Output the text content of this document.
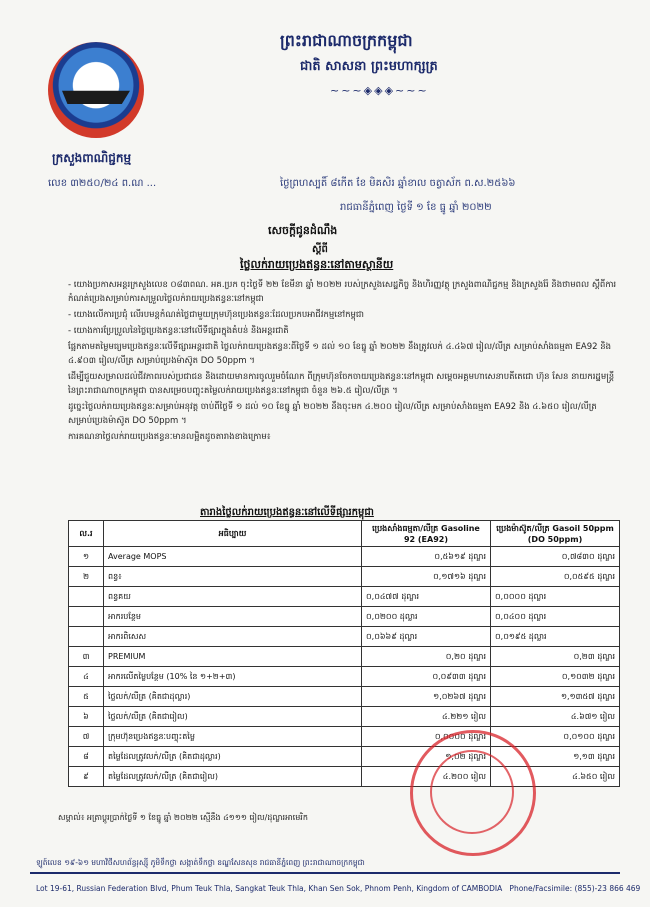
ក្រសួងពាណិជ្ជកម្ម
ព្រះរាជាណាចក្រកម្ពុជា
ជាតិ សាសនា ព្រះមហាក្សត្រ
~~~◈◈◈~~~
លេខ ៣២៥០/២៤ ព.ណ ...	ថ្ងៃព្រហស្បតិ៍ ៨កើត ខែ មិគសិរ ឆ្នាំខាល ចត្វាស័ក ព.ស.២៥៦៦
រាជធានីភ្នំពេញ ថ្ងៃទី ១ ខែ ធ្នូ ឆ្នាំ ២០២២
សេចក្តីជូនដំណឹង
ស្តីពី
ថ្លៃលក់រាយប្រេងឥន្ធនៈនៅតាមស្ថានីយ

- យោងប្រកាសអន្តរក្រសួងលេខ ០៨៣ពណ. អគ.ប្រក ចុះថ្ងៃទី ២២ ខែមីនា ឆ្នាំ ២០២២ របស់ក្រសួងសេដ្ឋកិច្ច និងហិរញ្ញវត្ថុ ក្រសួងពាណិជ្ជកម្ម និងក្រសួងរ៉ែ និងថាមពល ស្តីពីការកំណត់ប្រេងសម្រាប់ការសម្រួលថ្លៃលក់រាយប្រេងឥន្ធនៈនៅកម្ពុជា

- យោងលើការប្រជុំ លើរបមន្តកំណត់ថ្លៃជាមួយក្រុមហ៊ុនប្រេងឥន្ធនៈដែលប្រកបអាជីវកម្មនៅកម្ពុជា

- យោងការប្រែប្រួលនៃថ្លៃប្រេងឥន្ធនៈនៅលើទីផ្សារក្នុងតំបន់ និងអន្តរជាតិ

ផ្អែកតាមតម្លៃមធ្យមប្រេងឥន្ធនៈលើទីផ្សារអន្តរជាតិ ថ្លៃលក់រាយប្រេងឥន្ធនៈពីថ្ងៃទី ១ ដល់ ១០ ខែធ្នូ ឆ្នាំ ២០២២ នឹងត្រូវលក់ ៤.៤៦៧ រៀល/លីត្រ សម្រាប់សាំងធម្មតា EA92 និង ៤.៩០៣ រៀល/លីត្រ សម្រាប់ប្រេងម៉ាស៊ូត DO 50ppm ។

ដើម្បីជួយសម្រាលដល់ជីវភាពរបស់ប្រជាជន និងដោយមានការចូលរួមចំណែក ពីក្រុមហ៊ុនចែកចាយប្រេងឥន្ធនៈនៅកម្ពុជា សម្តេចអគ្គមហាសេនាបតីតេជោ ហ៊ុន សែន នាយករដ្ឋមន្ត្រី នៃព្រះរាជាណាចក្រកម្ពុជា បានសម្រេចបញ្ចុះតម្លៃលក់រាយប្រេងឥន្ធនៈនៅកម្ពុជា ចំនួន ២៦.៥ រៀល/លីត្រ ។

ដូច្នេះថ្លៃលក់រាយប្រេងឥន្ធនៈសម្រាប់អនុវត្ត ចាប់ពីថ្ងៃទី ១ ដល់ ១០ ខែធ្នូ ឆ្នាំ ២០២២ នឹងចុះមក ៤.២០០ រៀល/លីត្រ សម្រាប់សាំងធម្មតា EA92 និង ៤.៦៥០ រៀល/លីត្រ សម្រាប់ប្រេងម៉ាស៊ូត DO 50ppm ។

ការគណនាថ្លៃលក់រាយប្រេងឥន្ធនៈមានលម្អិតដូចតារាងខាងក្រោម៖

តារាងថ្លៃលក់រាយប្រេងឥន្ធនៈនៅលើទីផ្សារកម្ពុជា
ល.រ	អធិប្បាយ	ប្រេងសាំងធម្មតា/លីត្រ Gasoline 92 (EA92)	ប្រេងម៉ាស៊ូត/លីត្រ Gasoil 50ppm (DO 50ppm)
១	Average MOPS	០,៥៦១៩ ដុល្លារ	០,៧៨៣០ ដុល្លារ
២	ពន្ធ៖	០,១៧១៦ ដុល្លារ	០,០៥៩៥ ដុល្លារ
	ពន្ធគយ	០,០៤៧៧ ដុល្លារ	០,០០០០ ដុល្លារ
	អាករបន្ថែម	០,០២០០ ដុល្លារ	០,០៤០០ ដុល្លារ
	អាករពិសេស	០,០៦៦៩ ដុល្លារ	០,០១៩៥ ដុល្លារ
៣	PREMIUM	០,២០ ដុល្លារ	០,២៣ ដុល្លារ
៤	អាករលើតម្លៃបន្ថែម (10% នៃ ១+២+៣)	០,០៩៣៣ ដុល្លារ	០,១០៣២ ដុល្លារ
៥	ថ្លៃលក់/លីត្រ (គិតជាដុល្លារ)	១,០២៦៧ ដុល្លារ	១,១៣៥៧ ដុល្លារ
៦	ថ្លៃលក់/លីត្រ (គិតជារៀល)	៤.២២១ រៀល	៤.៦៧១ រៀល
៧	ក្រុមហ៊ុនប្រេងឥន្ធនៈបញ្ចុះតម្លៃ	០,០០០០ ដុល្លារ	០,០១០០ ដុល្លារ
៨	តម្លៃដែលត្រូវលក់/លីត្រ (គិតជាដុល្លារ)	១,០២ ដុល្លារ	១,១៣ ដុល្លារ
៩	តម្លៃដែលត្រូវលក់/លីត្រ (គិតជារៀល)	៤.២០០ រៀល	៤.៦៥០ រៀល
សម្គាល់៖ អត្រាប្តូរប្រាក់ថ្ងៃទី ១ ខែធ្នូ ឆ្នាំ ២០២២ ស្មើនឹង ៤១១១ រៀល/ដុល្លារអាមេរិក
ឡូត៍លេខ ១៩-៦១ មហាវិថីសហព័ន្ធរុស្ស៊ី ភូមិទឹកថ្លា សង្កាត់ទឹកថ្លា ខណ្ឌសែនសុខ រាជធានីភ្នំពេញ ព្រះរាជាណាចក្រកម្ពុជា
Lot 19-61, Russian Federation Blvd, Phum Teuk Thla, Sangkat Teuk Thla, Khan Sen Sok, Phnom Penh, Kingdom of CAMBODIA Phone/Facsimile: (855)-23 866 469
